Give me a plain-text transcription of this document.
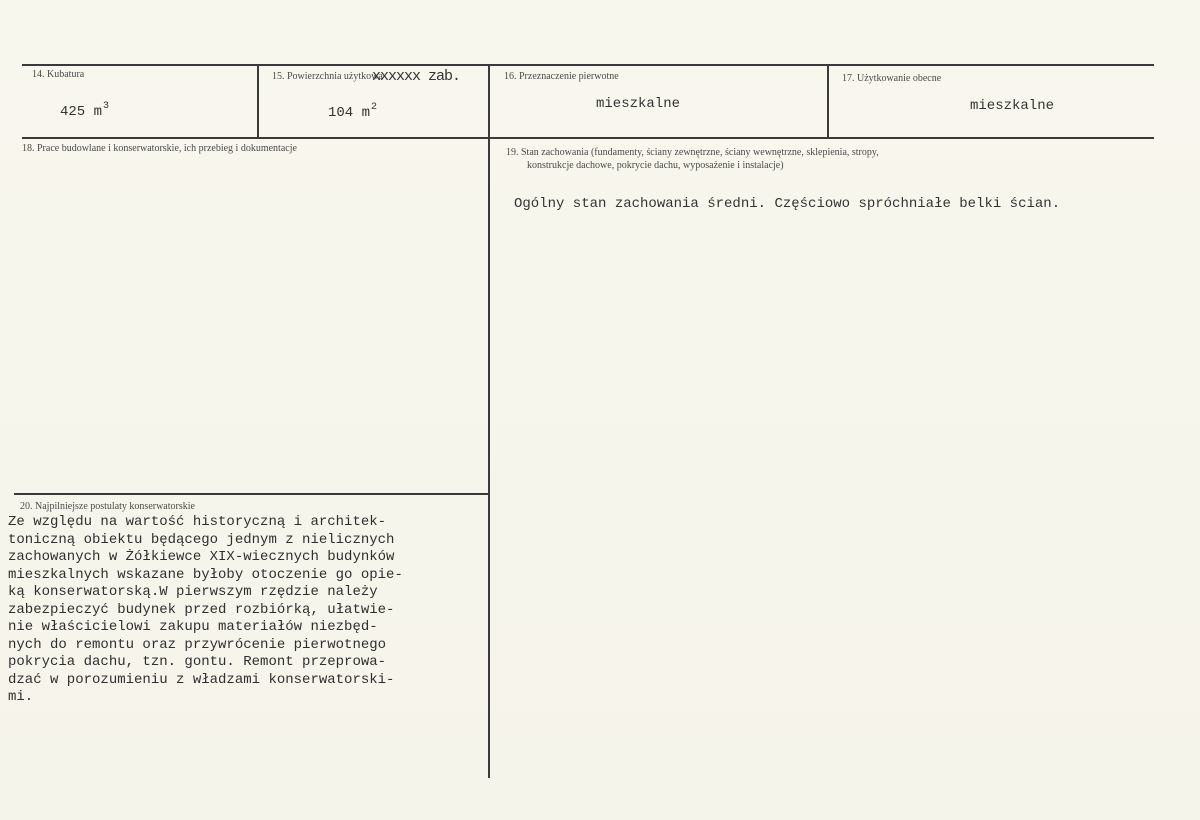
14. Kubatura
425 $m^3$
15. Powierzchnia użytkowa
xxxxxx zab.
104 $m^2$
16. Przeznaczenie pierwotne
mieszkalne
17. Użytkowanie obecne
mieszkalne
18. Prace budowlane i konserwatorskie, ich przebieg i dokumentacje	19. Stan zachowania (fundamenty, ściany zewnętrzne, ściany wewnętrzne, sklepienia, stropy,
konstrukcje dachowe, pokrycie dachu, wyposażenie i instalacje)
Ogólny stan zachowania średni. Częściowo spróchniałe belki ścian.
20. Najpilniejsze postulaty konserwatorskie
Ze względu na wartość historyczną i architek-
toniczną obiektu będącego jednym z nielicznych
zachowanych w Żółkiewce XIX-wiecznych budynków
mieszkalnych wskazane byłoby otoczenie go opie-
ką konserwatorską.W pierwszym rzędzie należy
zabezpieczyć budynek przed rozbiórką, ułatwie-
nie właścicielowi zakupu materiałów niezbęd-
nych do remontu oraz przywrócenie pierwotnego
pokrycia dachu, tzn. gontu. Remont przeprowa-
dzać w porozumieniu z władzami konserwatorski-
mi.
